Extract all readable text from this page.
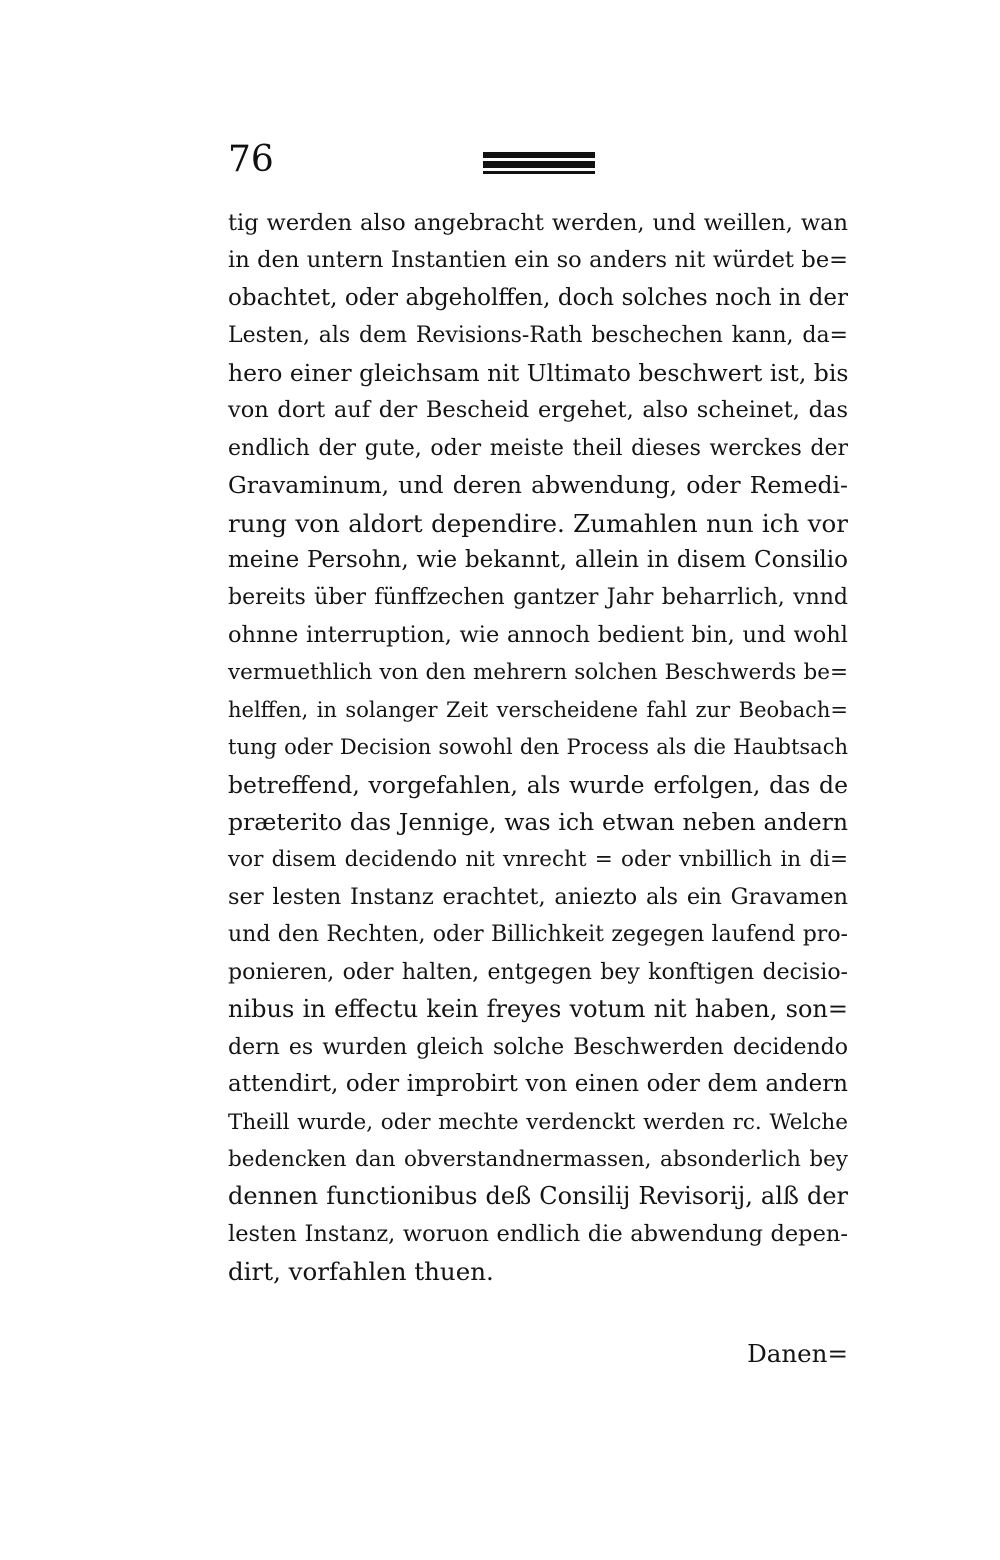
76
tig werden also angebracht werden, und weillen, wan
in den untern Instantien ein so anders nit würdet be=
obachtet, oder abgeholffen, doch solches noch in der
Lesten, als dem Revisions-Rath beschechen kann, da=
hero einer gleichsam nit Ultimato beschwert ist, bis
von dort auf der Bescheid ergehet, also scheinet, das
endlich der gute, oder meiste theil dieses werckes der
Gravaminum, und deren abwendung, oder Remedi-
rung von aldort dependire. Zumahlen nun ich vor
meine Persohn, wie bekannt, allein in disem Consilio
bereits über fünffzechen gantzer Jahr beharrlich, vnnd
ohnne interruption, wie annoch bedient bin, und wohl
vermuethlich von den mehrern solchen Beschwerds be=
helffen, in solanger Zeit verscheidene fahl zur Beobach=
tung oder Decision sowohl den Process als die Haubtsach
betreffend, vorgefahlen, als wurde erfolgen, das de
præterito das Jennige, was ich etwan neben andern
vor disem decidendo nit vnrecht = oder vnbillich in di=
ser lesten Instanz erachtet, aniezto als ein Gravamen
und den Rechten, oder Billichkeit zegegen laufend pro-
ponieren, oder halten, entgegen bey konftigen decisio-
nibus in effectu kein freyes votum nit haben, son=
dern es wurden gleich solche Beschwerden decidendo
attendirt, oder improbirt von einen oder dem andern
Theill wurde, oder mechte verdenckt werden rc. Welche
bedencken dan obverstandnermassen, absonderlich bey
dennen functionibus deß Consilij Revisorij, alß der
lesten Instanz, woruon endlich die abwendung depen-
dirt, vorfahlen thuen.
Danen=
